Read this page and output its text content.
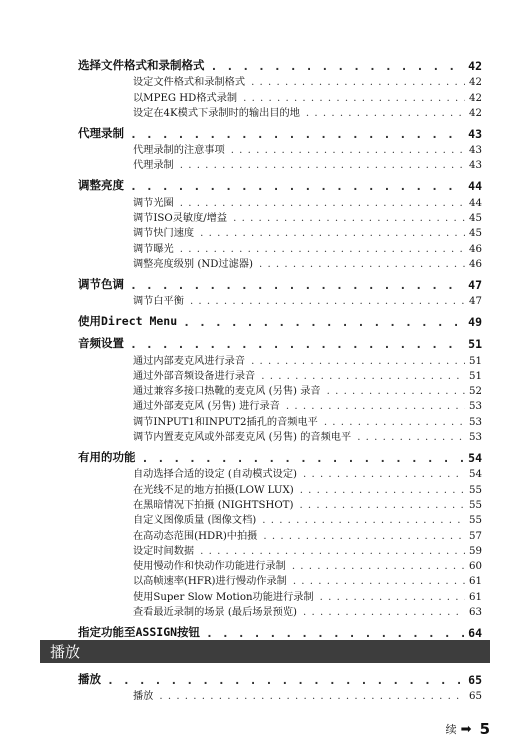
选择文件格式和录制格式 . . .	42
设定文件格式和录制格式 . . .	42
以MPEG HD格式录制 . . .	42
设定在4K模式下录制时的输出目的地 . . .	42
代理录制 . . .	43
代理录制的注意事项 . . .	43
代理录制 . . .	43
调整亮度 . . .	44
调节光圈 . . .	44
调节ISO灵敏度/增益 . . .	45
调节快门速度 . . .	45
调节曝光 . . .	46
调整亮度级别 (ND过滤器) . . .	46
调节色调 . . .	47
调节白平衡 . . .	47
使用Direct Menu . . .	49
音频设置 . . .	51
通过内部麦克风进行录音 . . .	51
通过外部音频设备进行录音 . . .	51
通过兼容多接口热靴的麦克风 (另售) 录音 . . .	52
通过外部麦克风 (另售) 进行录音 . . .	53
调节INPUT1和INPUT2插孔的音频电平 . . .	53
调节内置麦克风或外部麦克风 (另售) 的音频电平 . . .	53
有用的功能 . . .	54
自动选择合适的设定 (自动模式设定) . . .	54
在光线不足的地方拍摄(LOW LUX) . . .	55
在黑暗情况下拍摄 (NIGHTSHOT) . . .	55
自定义图像质量 (图像文档) . . .	55
在高动态范围(HDR)中拍摄 . . .	57
设定时间数据 . . .	59
使用慢动作和快动作功能进行录制 . . .	60
以高帧速率(HFR)进行慢动作录制 . . .	61
使用Super Slow Motion功能进行录制 . . .	61
查看最近录制的场景 (最后场景预览) . . .	63
指定功能至ASSIGN按钮 . . .	64
播放
播放 . . .	65
播放 . . .	65
续 ➡ 5
